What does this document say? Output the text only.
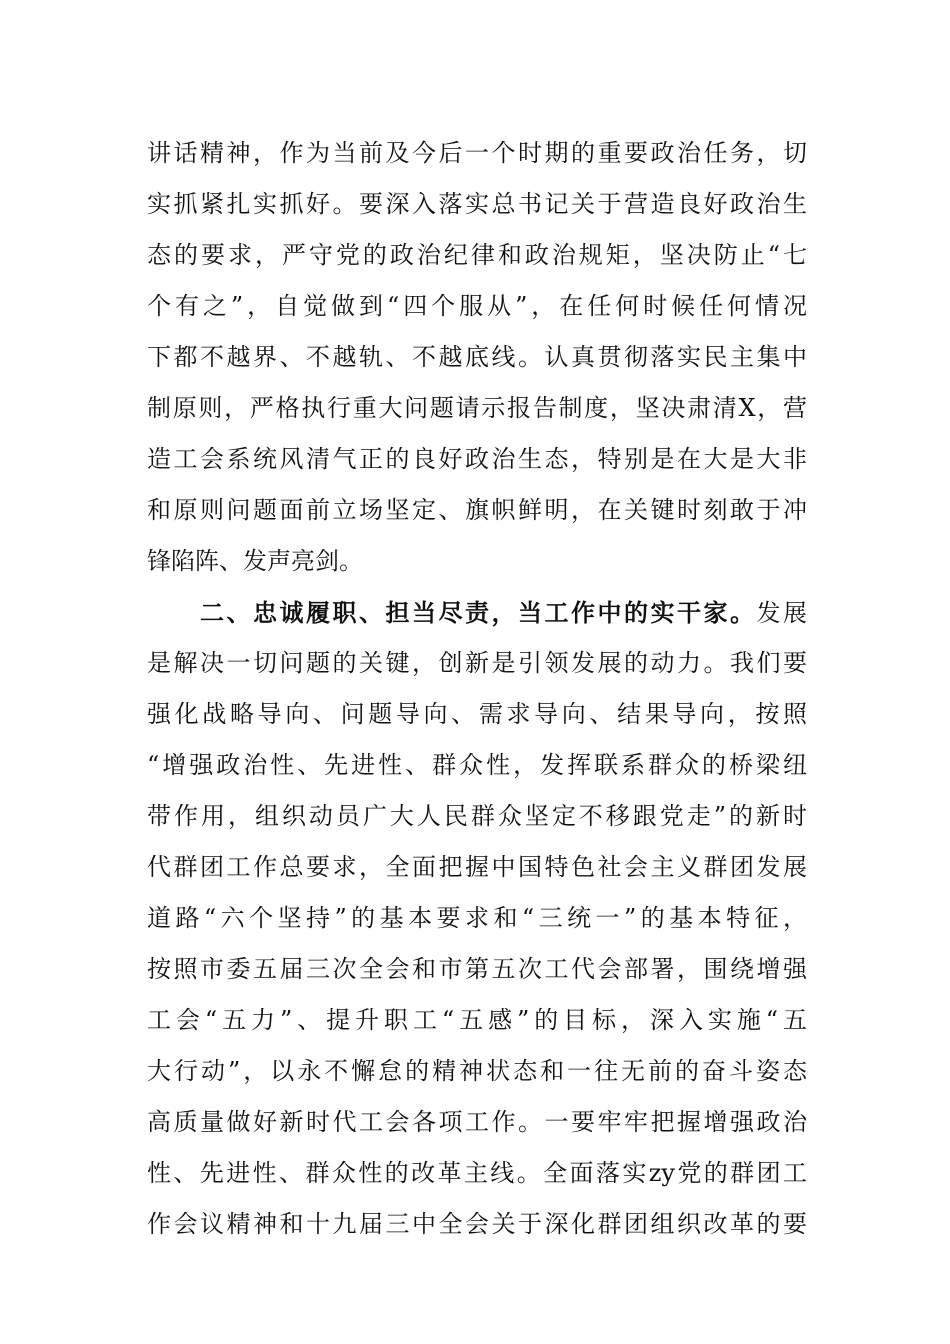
讲话精神，作为当前及今后一个时期的重要政治任务，切
实抓紧扎实抓好。要深入落实总书记关于营造良好政治生
态的要求，严守党的政治纪律和政治规矩，坚决防止“七
个有之”，自觉做到“四个服从”，在任何时候任何情况
下都不越界、不越轨、不越底线。认真贯彻落实民主集中
制原则，严格执行重大问题请示报告制度，坚决肃清X，营
造工会系统风清气正的良好政治生态，特别是在大是大非
和原则问题面前立场坚定、旗帜鲜明，在关键时刻敢于冲
锋陷阵、发声亮剑。
　　二、忠诚履职、担当尽责，当工作中的实干家。发展
是解决一切问题的关键，创新是引领发展的动力。我们要
强化战略导向、问题导向、需求导向、结果导向，按照
“增强政治性、先进性、群众性，发挥联系群众的桥梁纽
带作用，组织动员广大人民群众坚定不移跟党走”的新时
代群团工作总要求，全面把握中国特色社会主义群团发展
道路“六个坚持”的基本要求和“三统一”的基本特征，
按照市委五届三次全会和市第五次工代会部署，围绕增强
工会“五力”、提升职工“五感”的目标，深入实施“五
大行动”，以永不懈怠的精神状态和一往无前的奋斗姿态
高质量做好新时代工会各项工作。一要牢牢把握增强政治
性、先进性、群众性的改革主线。全面落实zy党的群团工
作会议精神和十九届三中全会关于深化群团组织改革的要
